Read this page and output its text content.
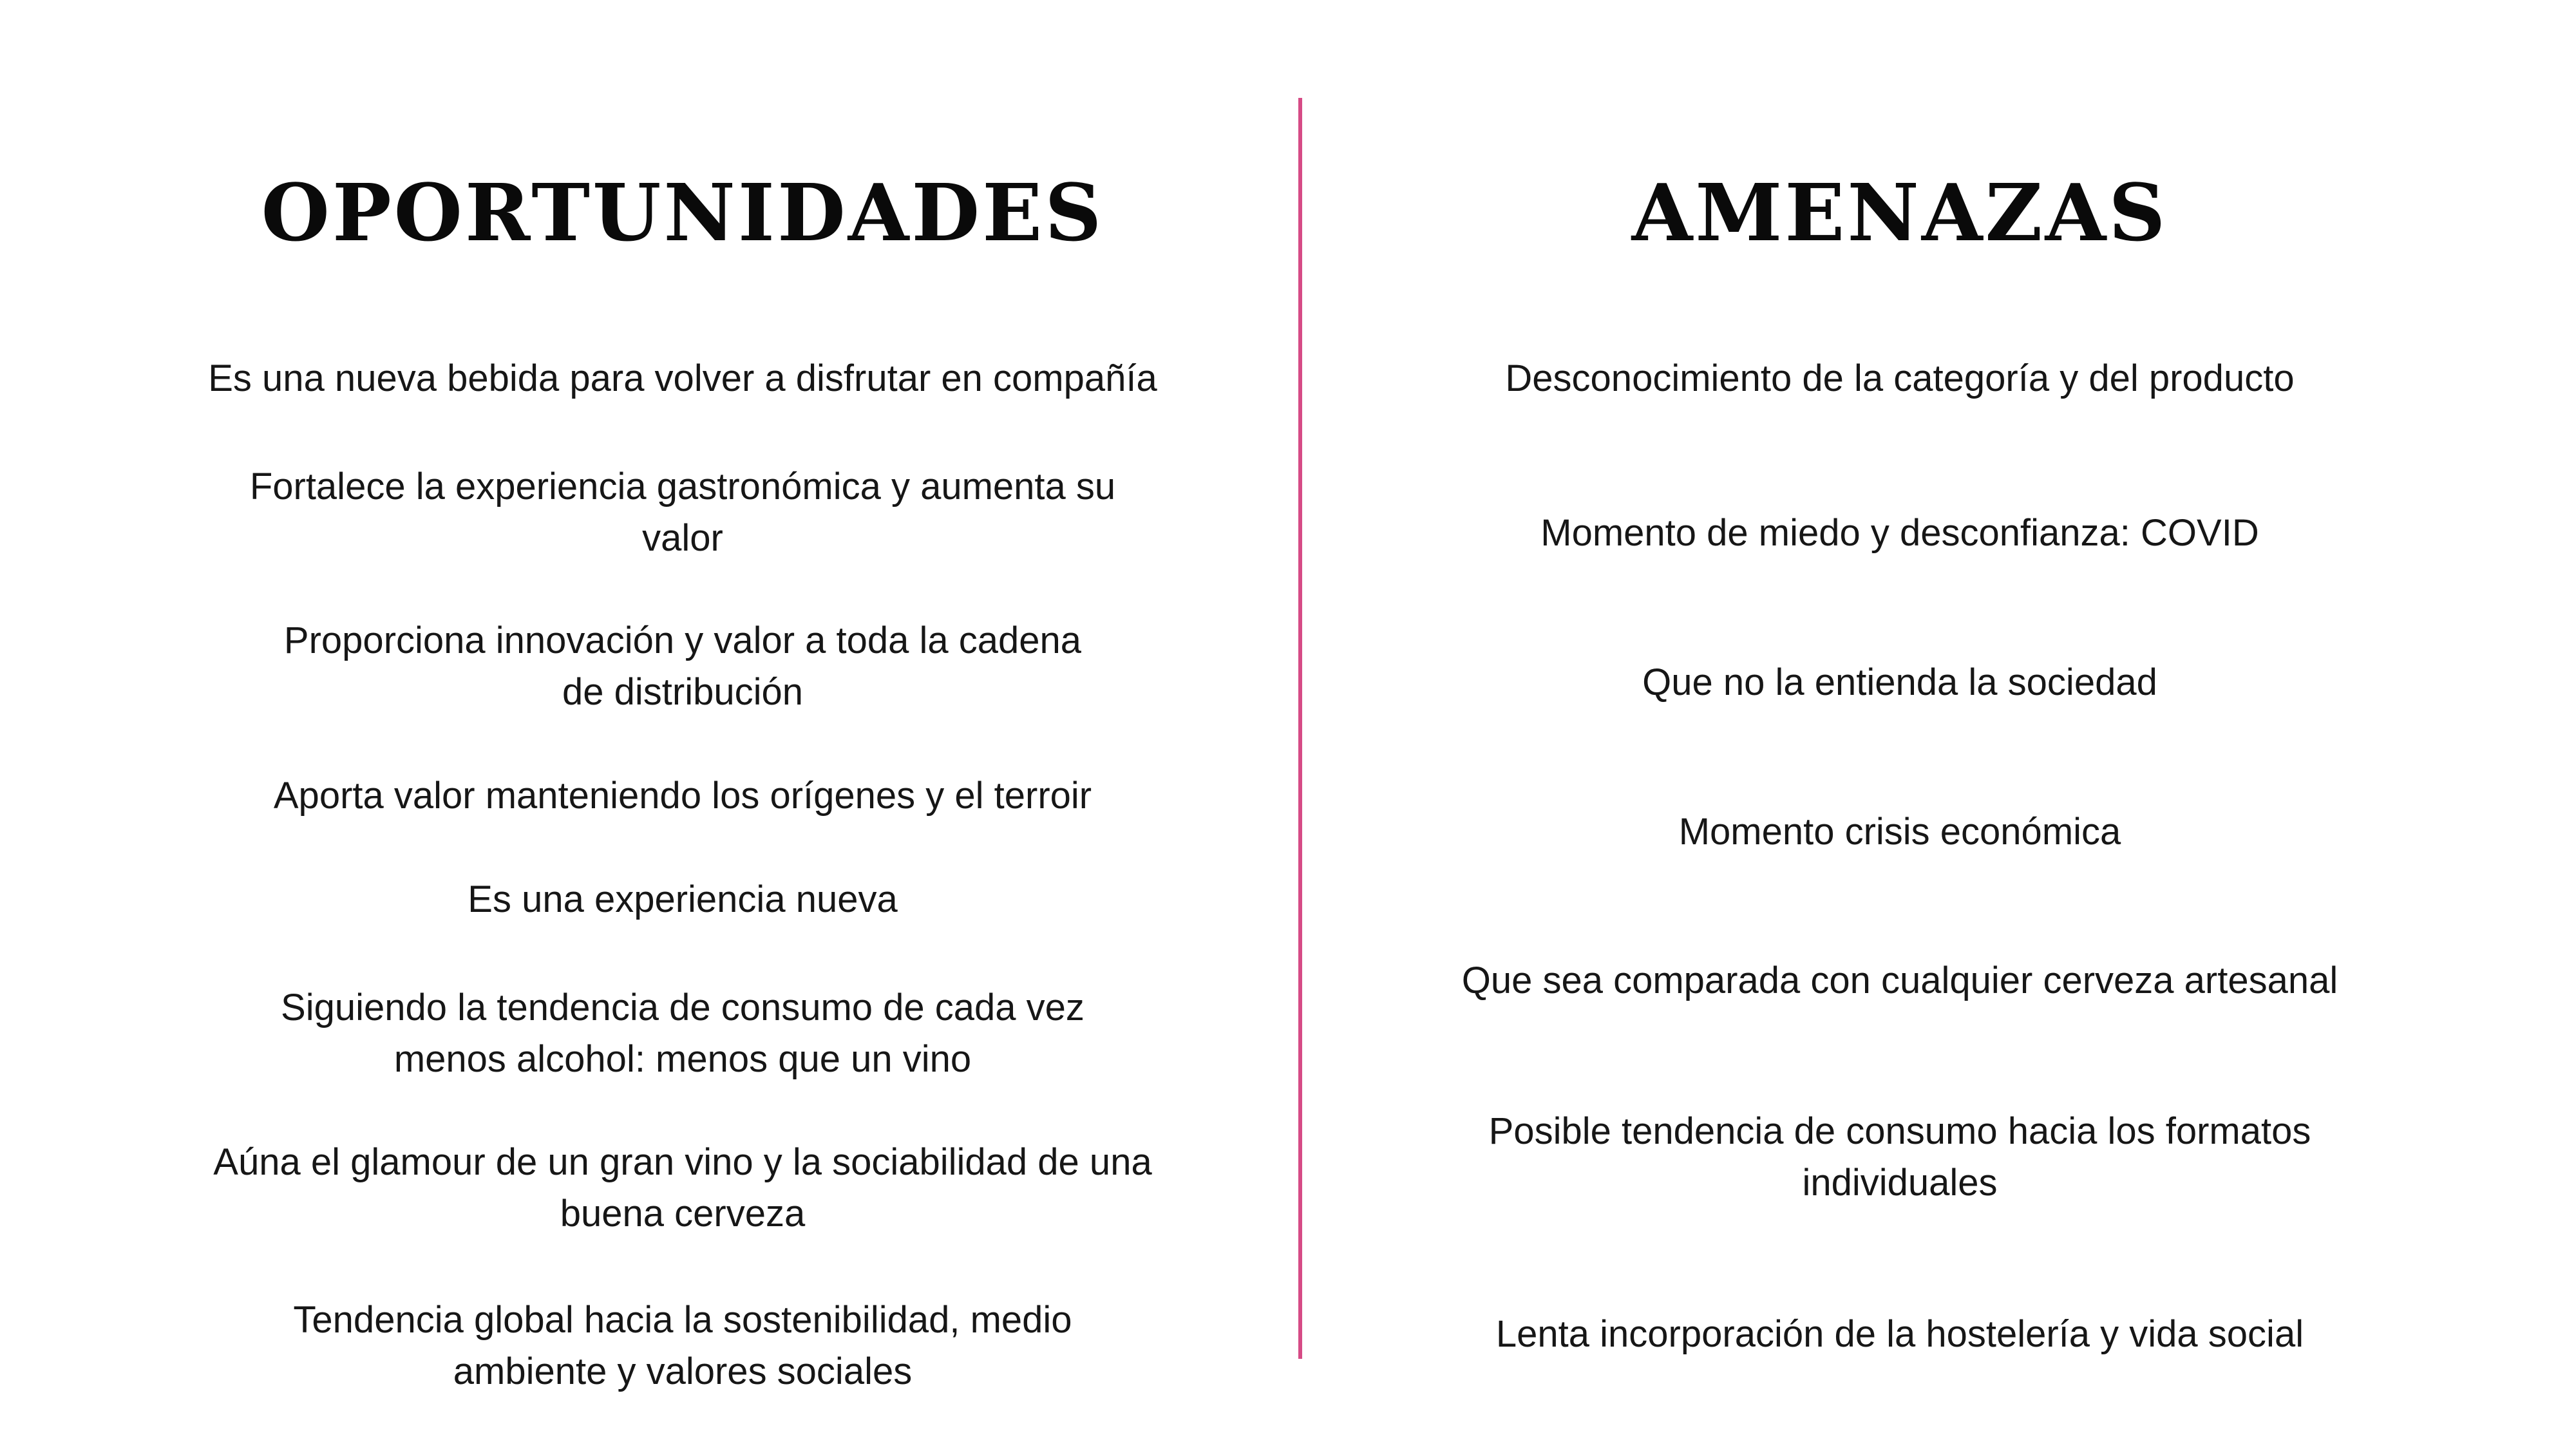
OPORTUNIDADES

Es una nueva bebida para volver a disfrutar en compañía

Fortalece la experiencia gastronómica y aumenta su valor

Proporciona innovación y valor a toda la cadena de distribución

Aporta valor manteniendo los orígenes y el terroir

Es una experiencia nueva

Siguiendo la tendencia de consumo de cada vez menos alcohol: menos que un vino

Aúna el glamour de un gran vino y la sociabilidad de una buena cerveza

Tendencia global hacia la sostenibilidad, medio ambiente y valores sociales

AMENAZAS

Desconocimiento de la categoría y del producto

Momento de miedo y desconfianza: COVID

Que no la entienda la sociedad

Momento crisis económica

Que sea comparada con cualquier cerveza artesanal

Posible tendencia de consumo hacia los formatos individuales

Lenta incorporación de la hostelería y vida social
